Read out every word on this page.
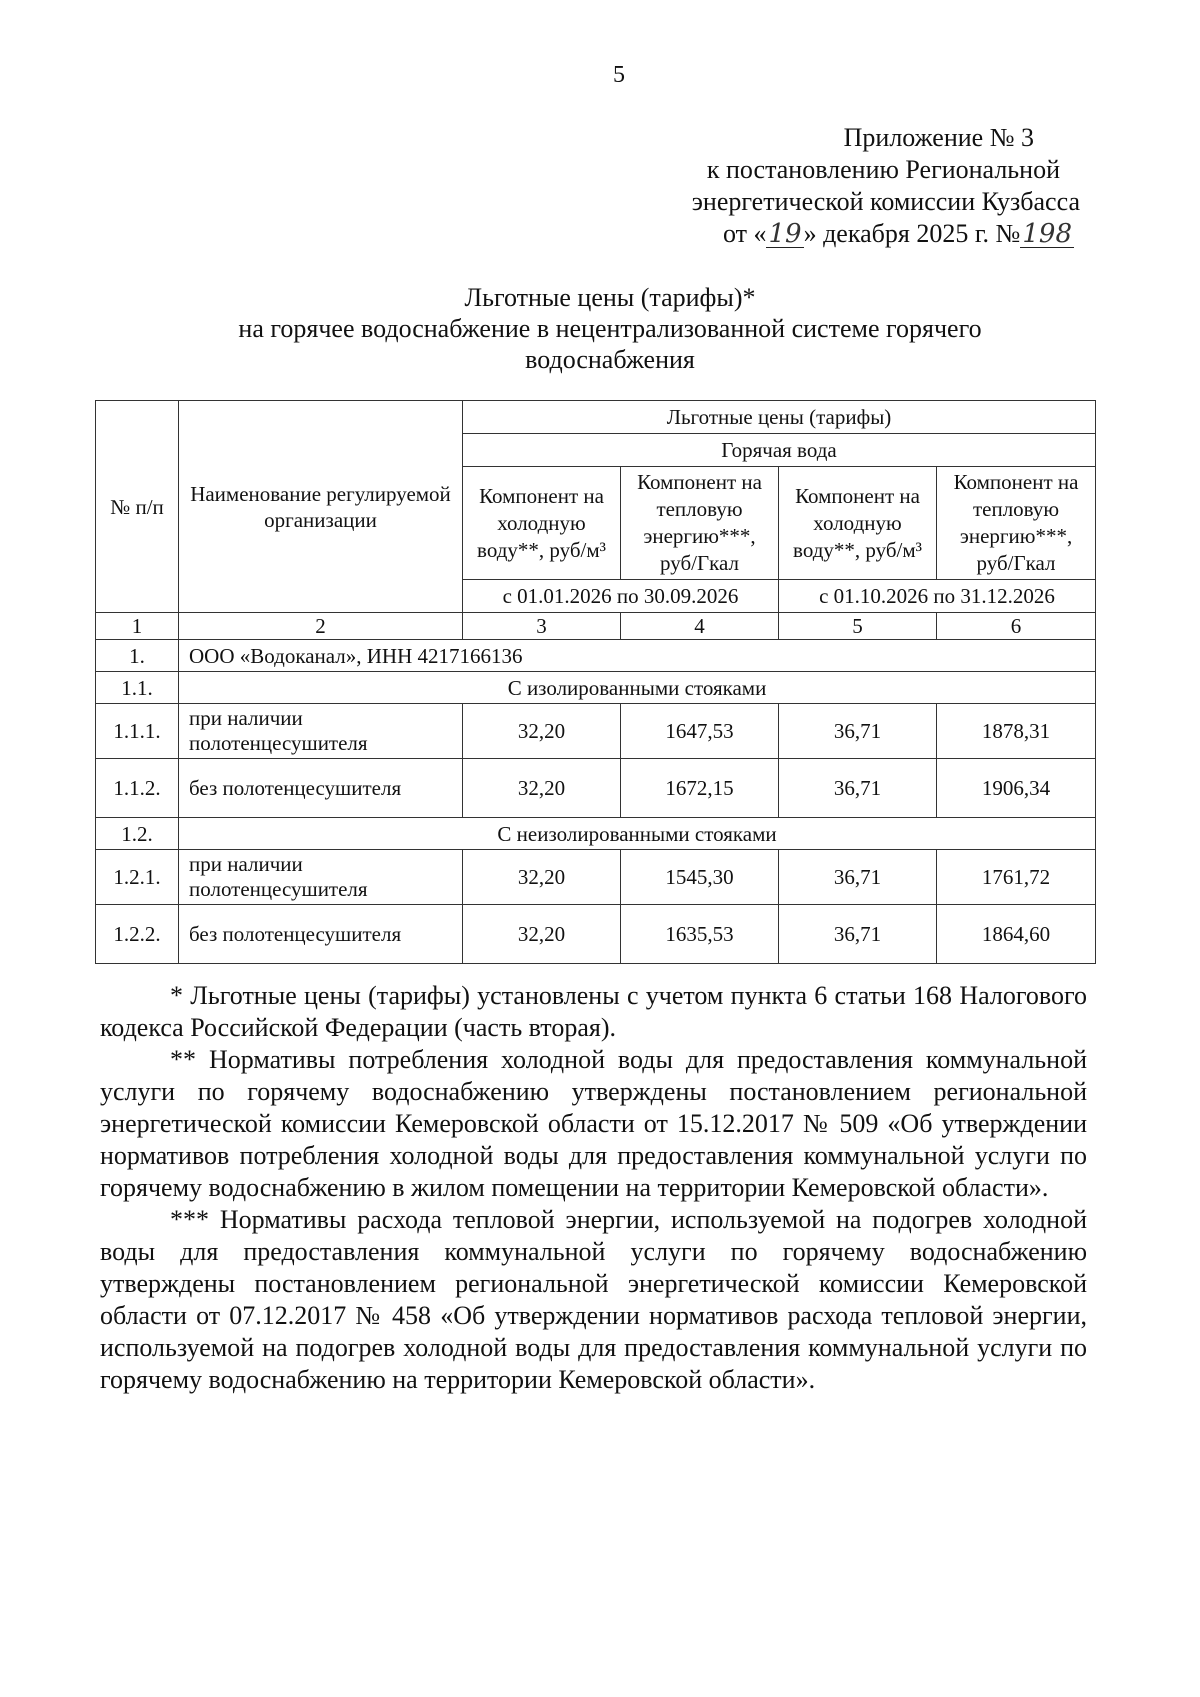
5
Приложение № 3
к постановлению Региональной
энергетической комиссии Кузбасса
от «19» декабря 2025 г. №198
Льготные цены (тарифы)*
на горячее водоснабжение в нецентрализованной системе горячего
водоснабжения
№ п/п	Наименование регулируемой организации	Льготные цены (тарифы)			
		Горячая вода			
		Компонент на холодную воду**, руб/м³	Компонент на тепловую энергию***, руб/Гкал	Компонент на холодную воду**, руб/м³	Компонент на тепловую энергию***, руб/Гкал
		с 01.01.2026 по 30.09.2026		с 01.10.2026 по 31.12.2026	
1	2	3	4	5	6
1.	ООО «Водоканал», ИНН 4217166136				
1.1.	С изолированными стояками				
1.1.1.	при наличии полотенцесушителя	32,20	1647,53	36,71	1878,31
1.1.2.	без полотенцесушителя	32,20	1672,15	36,71	1906,34
1.2.	С неизолированными стояками				
1.2.1.	при наличии полотенцесушителя	32,20	1545,30	36,71	1761,72
1.2.2.	без полотенцесушителя	32,20	1635,53	36,71	1864,60

* Льготные цены (тарифы) установлены с учетом пункта 6 статьи 168 Налогового кодекса Российской Федерации (часть вторая).

** Нормативы потребления холодной воды для предоставления коммунальной услуги по горячему водоснабжению утверждены постановлением региональной энергетической комиссии Кемеровской области от 15.12.2017 № 509 «Об утверждении нормативов потребления холодной воды для предоставления коммунальной услуги по горячему водоснабжению в жилом помещении на территории Кемеровской области».

*** Нормативы расхода тепловой энергии, используемой на подогрев холодной воды для предоставления коммунальной услуги по горячему водоснабжению утверждены постановлением региональной энергетической комиссии Кемеровской области от 07.12.2017 № 458 «Об утверждении нормативов расхода тепловой энергии, используемой на подогрев холодной воды для предоставления коммунальной услуги по горячему водоснабжению на территории Кемеровской области».
